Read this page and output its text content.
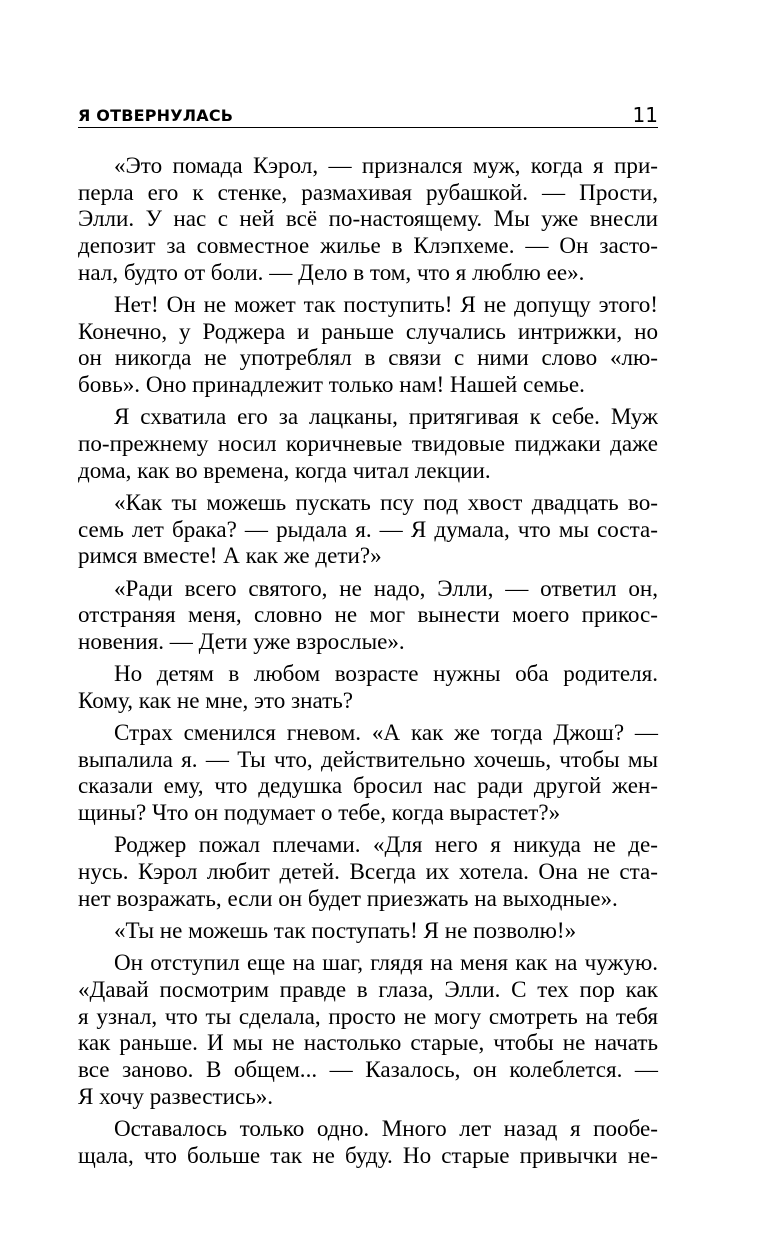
Я ОТВЕРНУЛАСЬ	11
«Это помада Кэрол, — признался муж, когда я при-
перла его к стенке, размахивая рубашкой. — Прости,
Элли. У нас с ней всё по-настоящему. Мы уже внесли
депозит за совместное жилье в Клэпхеме. — Он засто-
нал, будто от боли. — Дело в том, что я люблю ее».
Нет! Он не может так поступить! Я не допущу этого!
Конечно, у Роджера и раньше случались интрижки, но
он никогда не употреблял в связи с ними слово «лю-
бовь». Оно принадлежит только нам! Нашей семье.
Я схватила его за лацканы, притягивая к себе. Муж
по-прежнему носил коричневые твидовые пиджаки даже
дома, как во времена, когда читал лекции.
«Как ты можешь пускать псу под хвост двадцать во-
семь лет брака? — рыдала я. — Я думала, что мы соста-
римся вместе! А как же дети?»
«Ради всего святого, не надо, Элли, — ответил он,
отстраняя меня, словно не мог вынести моего прикос-
новения. — Дети уже взрослые».
Но детям в любом возрасте нужны оба родителя.
Кому, как не мне, это знать?
Страх сменился гневом. «А как же тогда Джош? —
выпалила я. — Ты что, действительно хочешь, чтобы мы
сказали ему, что дедушка бросил нас ради другой жен-
щины? Что он подумает о тебе, когда вырастет?»
Роджер пожал плечами. «Для него я никуда не де-
нусь. Кэрол любит детей. Всегда их хотела. Она не ста-
нет возражать, если он будет приезжать на выходные».
«Ты не можешь так поступать! Я не позволю!»
Он отступил еще на шаг, глядя на меня как на чужую.
«Давай посмотрим правде в глаза, Элли. С тех пор как
я узнал, что ты сделала, просто не могу смотреть на тебя
как раньше. И мы не настолько старые, чтобы не начать
все заново. В общем... — Казалось, он колеблется. —
Я хочу развестись».
Оставалось только одно. Много лет назад я пообе-
щала, что больше так не буду. Но старые привычки не-
